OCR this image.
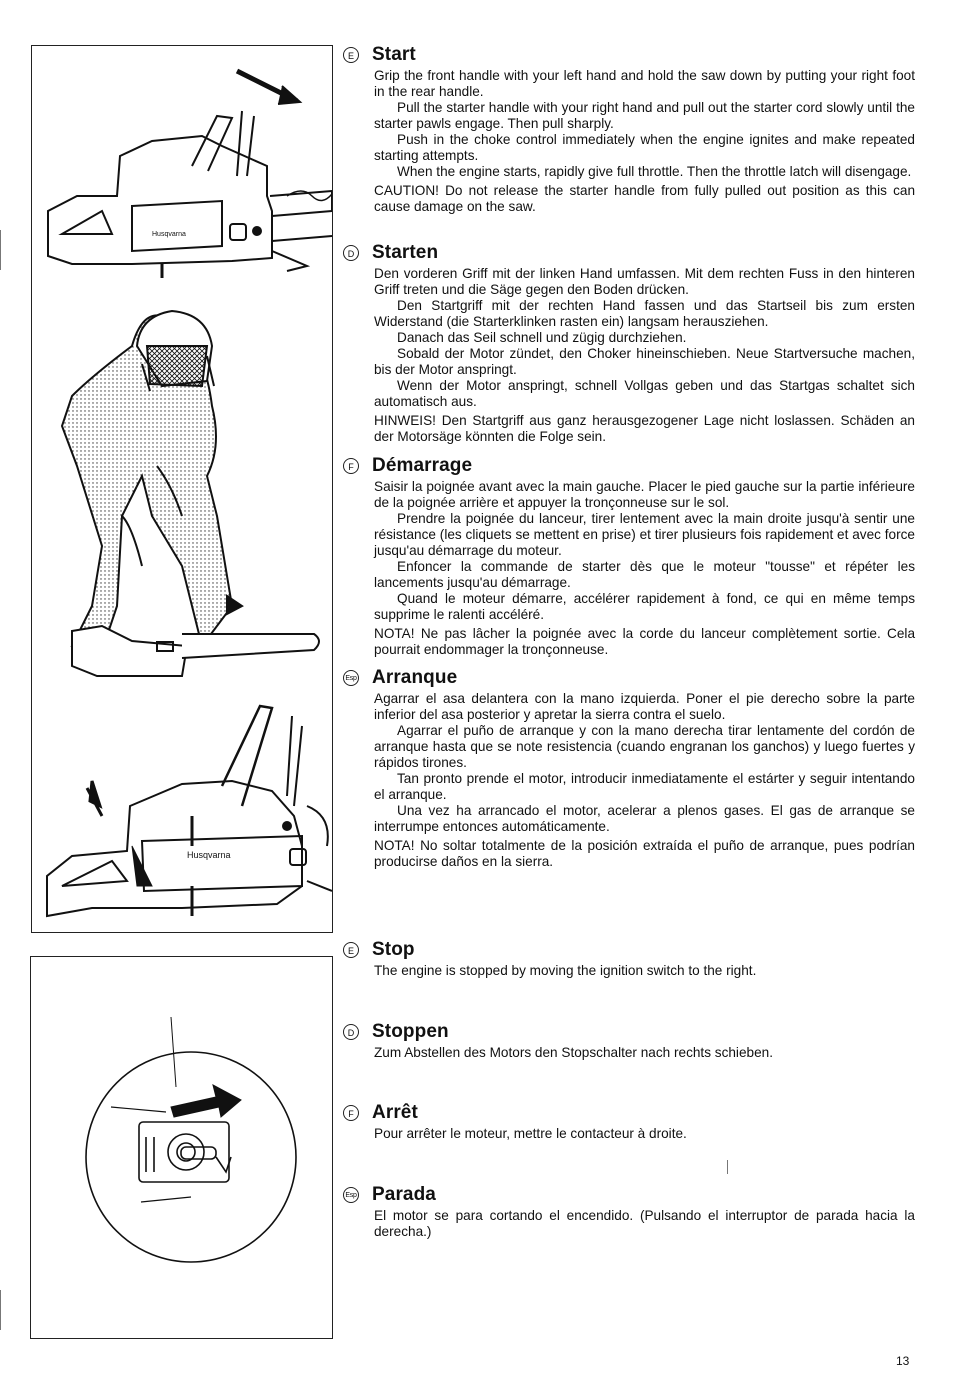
Husqvarna
Husqvarna
E Start

Grip the front handle with your left hand and hold the saw down by putting your right foot in the rear handle.

Pull the starter handle with your right hand and pull out the starter cord slowly until the starter pawls engage. Then pull sharply.

Push in the choke control immediately when the engine ignites and make repeated starting attempts.

When the engine starts, rapidly give full throttle. Then the throttle latch will disengage.

CAUTION! Do not release the starter handle from fully pulled out position as this can cause damage on the saw.

D Starten

Den vorderen Griff mit der linken Hand umfassen. Mit dem rechten Fuss in den hinteren Griff treten und die Säge gegen den Boden drücken.

Den Startgriff mit der rechten Hand fassen und das Startseil bis zum ersten Widerstand (die Starterklinken rasten ein) langsam herausziehen.

Danach das Seil schnell und zügig durchziehen.

Sobald der Motor zündet, den Choker hineinschieben. Neue Startversuche machen, bis der Motor anspringt.

Wenn der Motor anspringt, schnell Vollgas geben und das Startgas schaltet sich automatisch aus.

HINWEIS! Den Startgriff aus ganz herausgezogener Lage nicht loslassen. Schäden an der Motorsäge könnten die Folge sein.

F Démarrage

Saisir la poignée avant avec la main gauche. Placer le pied gauche sur la partie inférieure de la poignée arrière et appuyer la tronçonneuse sur le sol.

Prendre la poignée du lanceur, tirer lentement avec la main droite jusqu'à sentir une résistance (les cliquets se mettent en prise) et tirer plusieurs fois rapidement et avec force jusqu'au démarrage du moteur.

Enfoncer la commande de starter dès que le moteur "tousse" et répéter les lancements jusqu'au démarrage.

Quand le moteur démarre, accélérer rapidement à fond, ce qui en même temps supprime le ralenti accéléré.

NOTA! Ne pas lâcher la poignée avec la corde du lanceur complètement sortie. Cela pourrait endommager la tronçonneuse.

Esp Arranque

Agarrar el asa delantera con la mano izquierda. Poner el pie derecho sobre la parte inferior del asa posterior y apretar la sierra contra el suelo.

Agarrar el puño de arranque y con la mano derecha tirar lentamente del cordón de arranque hasta que se note resistencia (cuando engranan los ganchos) y luego fuertes y rápidos tirones.

Tan pronto prende el motor, introducir inmediatamente el estárter y seguir intentando el arranque.

Una vez ha arrancado el motor, acelerar a plenos gases. El gas de arranque se interrumpe entonces automáticamente.

NOTA! No soltar totalmente de la posición extraída el puño de arranque, pues podrían producirse daños en la sierra.

E Stop

The engine is stopped by moving the ignition switch to the right.

D Stoppen

Zum Abstellen des Motors den Stopschalter nach rechts schieben.

F Arrêt

Pour arrêter le moteur, mettre le contacteur à droite.

Esp Parada

El motor se para cortando el encendido. (Pulsando el interruptor de parada hacia la derecha.)

13
